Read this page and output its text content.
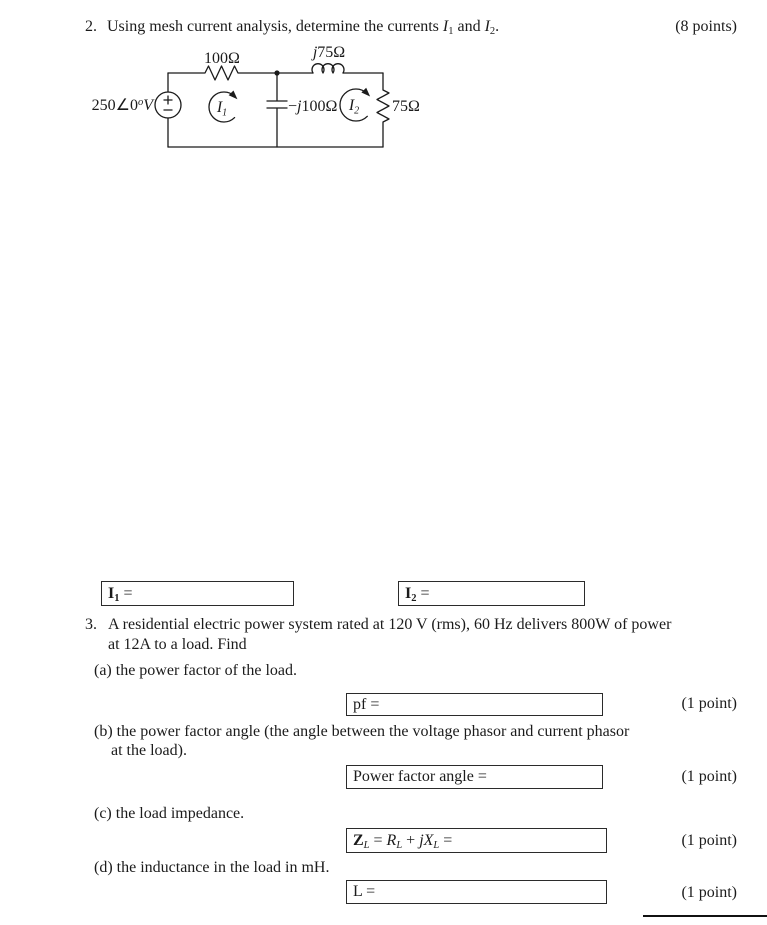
2. Using mesh current analysis, determine the currents $I_1$ and $I_2$.	(8 points)
250∠0$^o$V
100Ω	j75Ω
−j100Ω	75Ω
$I_1$	$I_2$
$I_1$ =	$I_2$ =
3. A residential electric power system rated at 120 V (rms), 60 Hz delivers 800W of power
at 12A to a load. Find
(a) the power factor of the load.
pf =	(1 point)
(b) the power factor angle (the angle between the voltage phasor and current phasor
at the load).
Power factor angle =	(1 point)
(c) the load impedance.
$Z_L = R_L + jX_L$ =	(1 point)
(d) the inductance in the load in mH.
L =	(1 point)
